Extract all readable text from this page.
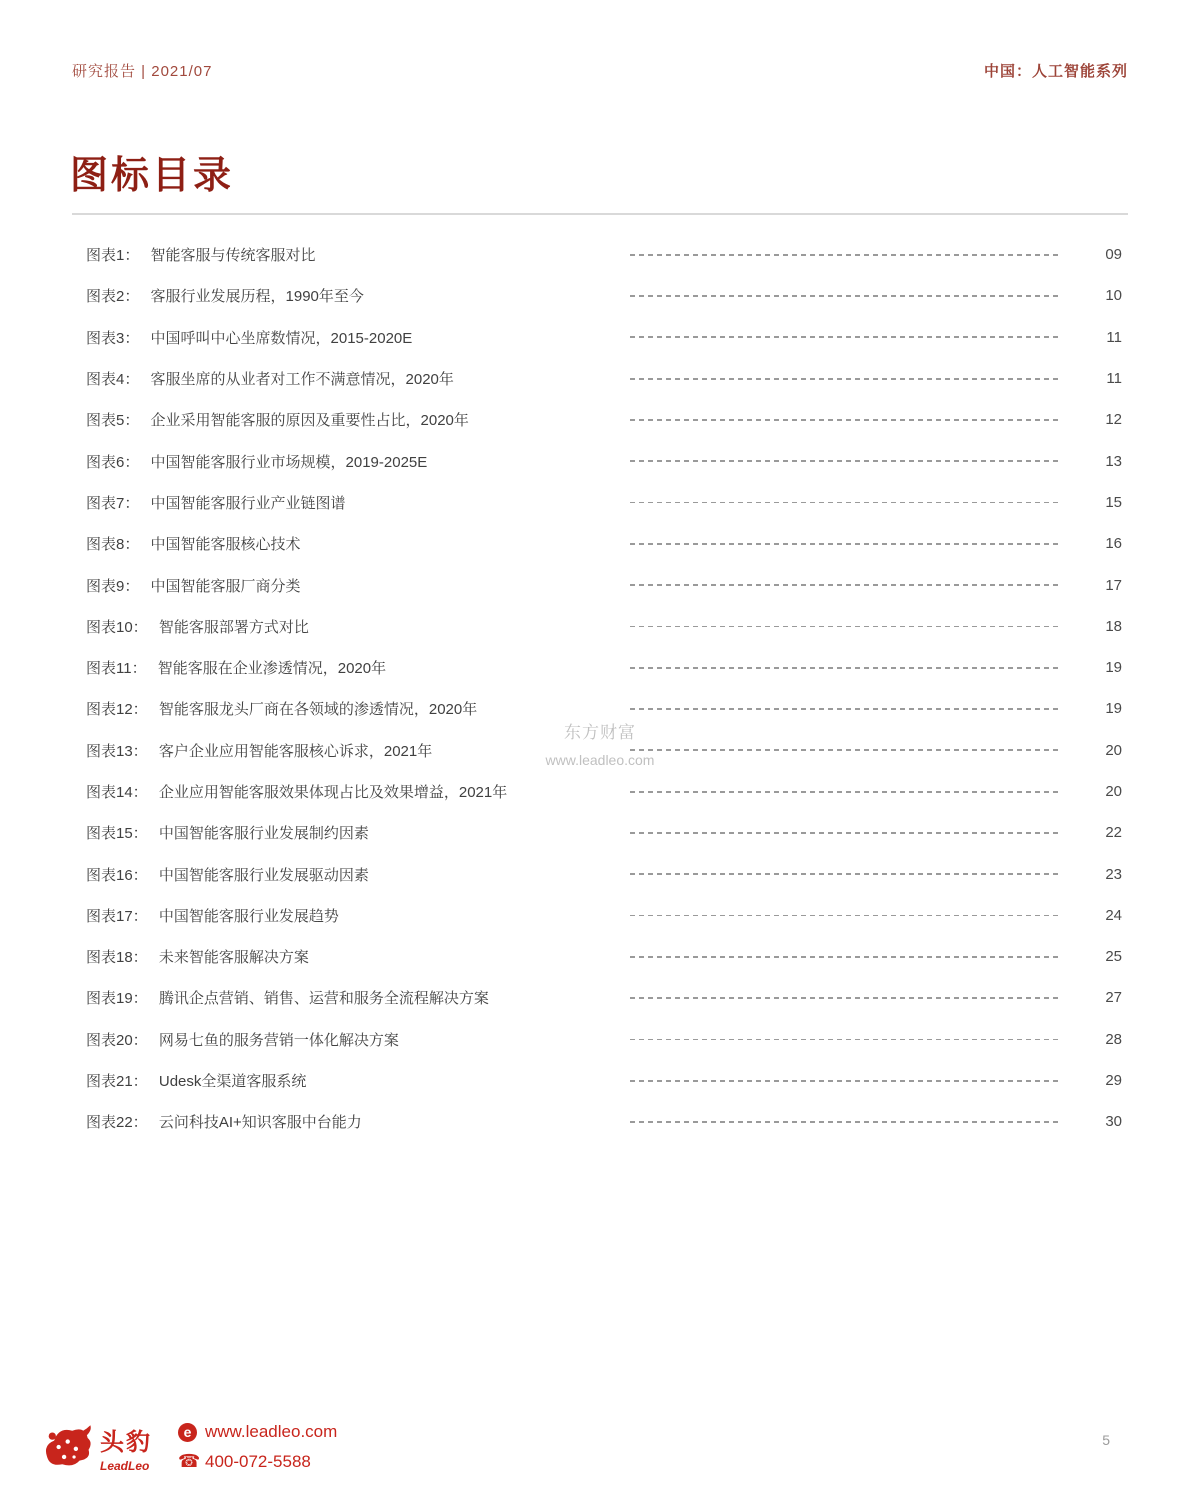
研究报告 | 2021/07	中国：人工智能系列
图标目录
图表1： 智能客服与传统客服对比	09
图表2： 客服行业发展历程，1990年至今	10
图表3： 中国呼叫中心坐席数情况，2015-2020E	11
图表4： 客服坐席的从业者对工作不满意情况，2020年	11
图表5： 企业采用智能客服的原因及重要性占比，2020年	12
图表6： 中国智能客服行业市场规模，2019-2025E	13
图表7： 中国智能客服行业产业链图谱	15
图表8： 中国智能客服核心技术	16
图表9： 中国智能客服厂商分类	17
图表10： 智能客服部署方式对比	18
图表11： 智能客服在企业渗透情况，2020年	19
图表12： 智能客服龙头厂商在各领域的渗透情况，2020年	19
图表13： 客户企业应用智能客服核心诉求，2021年	20
图表14： 企业应用智能客服效果体现占比及效果增益，2021年	20
图表15： 中国智能客服行业发展制约因素	22
图表16： 中国智能客服行业发展驱动因素	23
图表17： 中国智能客服行业发展趋势	24
图表18： 未来智能客服解决方案	25
图表19： 腾讯企点营销、销售、运营和服务全流程解决方案	27
图表20： 网易七鱼的服务营销一体化解决方案	28
图表21： Udesk全渠道客服系统	29
图表22： 云问科技AI+知识客服中台能力	30
东方财富
www.leadleo.com
头豹
LeadLeo
e www.leadleo.com
☎ 400-072-5588
5
